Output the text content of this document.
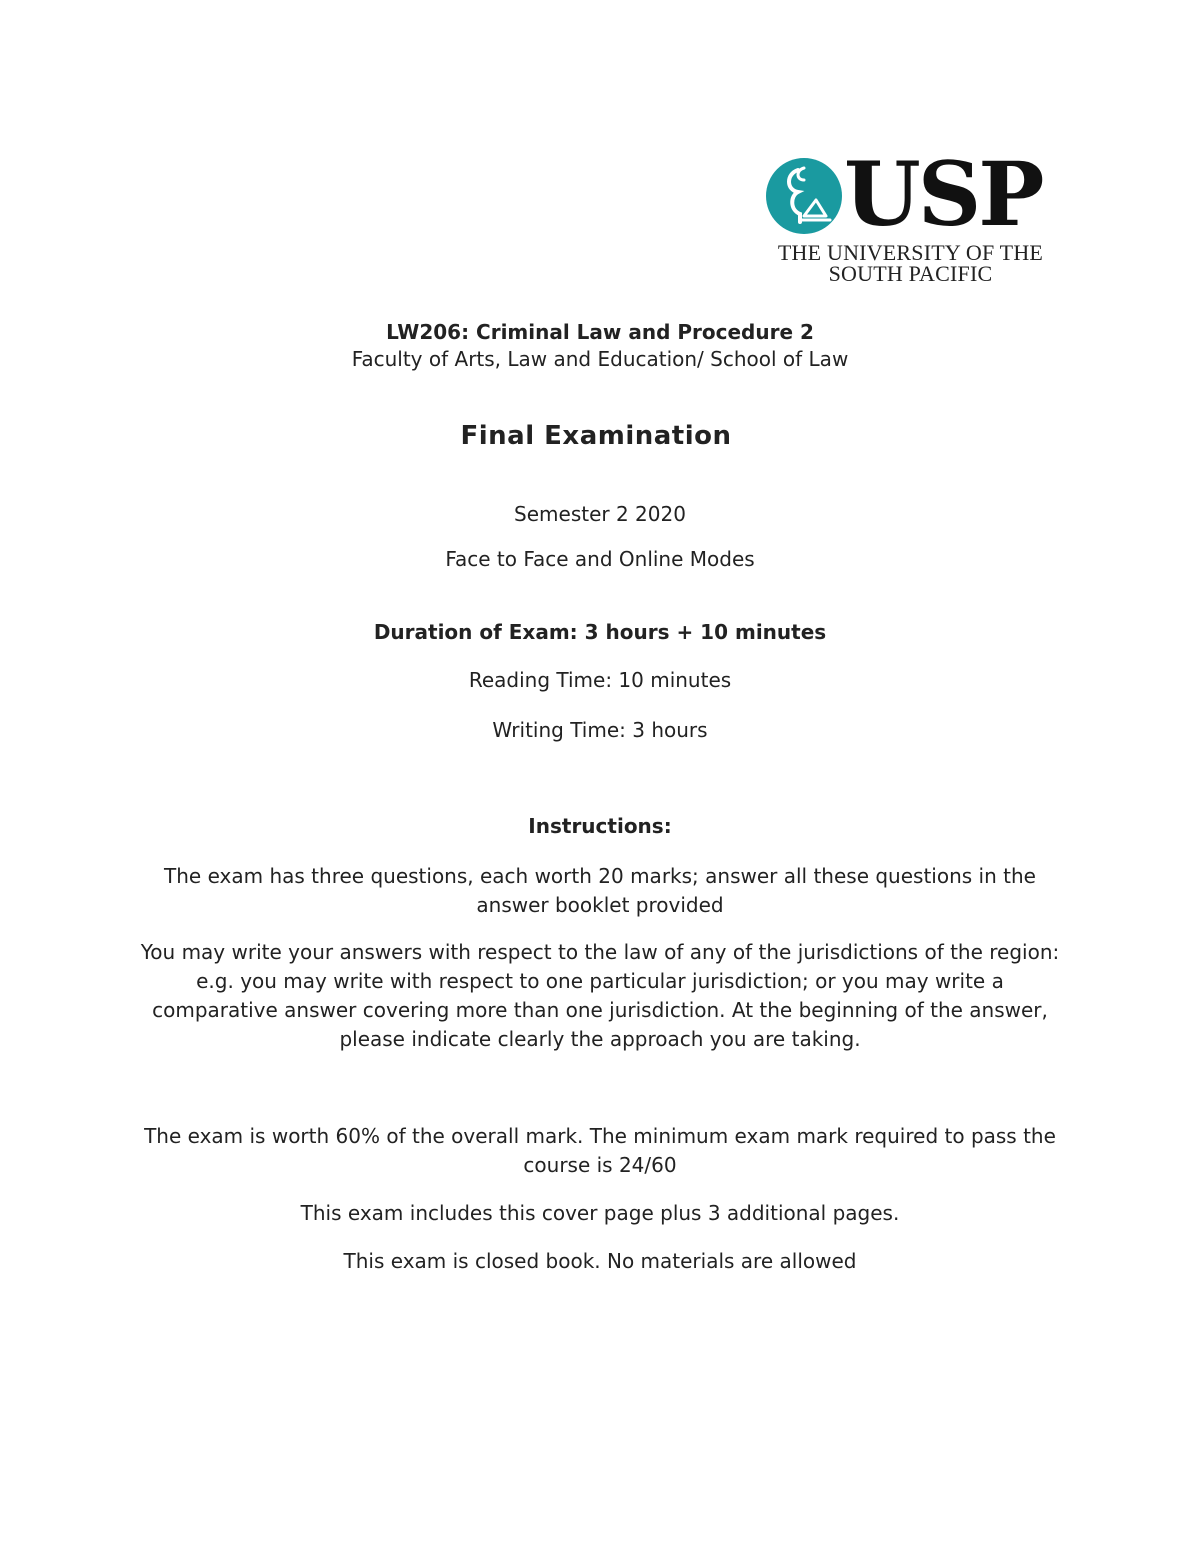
USP
THE UNIVERSITY OF THE
SOUTH PACIFIC
LW206: Criminal Law and Procedure 2
Faculty of Arts, Law and Education/ School of Law
Final Examination
Semester 2 2020
Face to Face and Online Modes
Duration of Exam: 3 hours + 10 minutes
Reading Time: 10 minutes
Writing Time: 3 hours
Instructions:
The exam has three questions, each worth 20 marks; answer all these questions in the answer booklet provided
You may write your answers with respect to the law of any of the jurisdictions of the region: e.g. you may write with respect to one particular jurisdiction; or you may write a comparative answer covering more than one jurisdiction. At the beginning of the answer, please indicate clearly the approach you are taking.
The exam is worth 60% of the overall mark. The minimum exam mark required to pass the course is 24/60
This exam includes this cover page plus 3 additional pages.
This exam is closed book. No materials are allowed
